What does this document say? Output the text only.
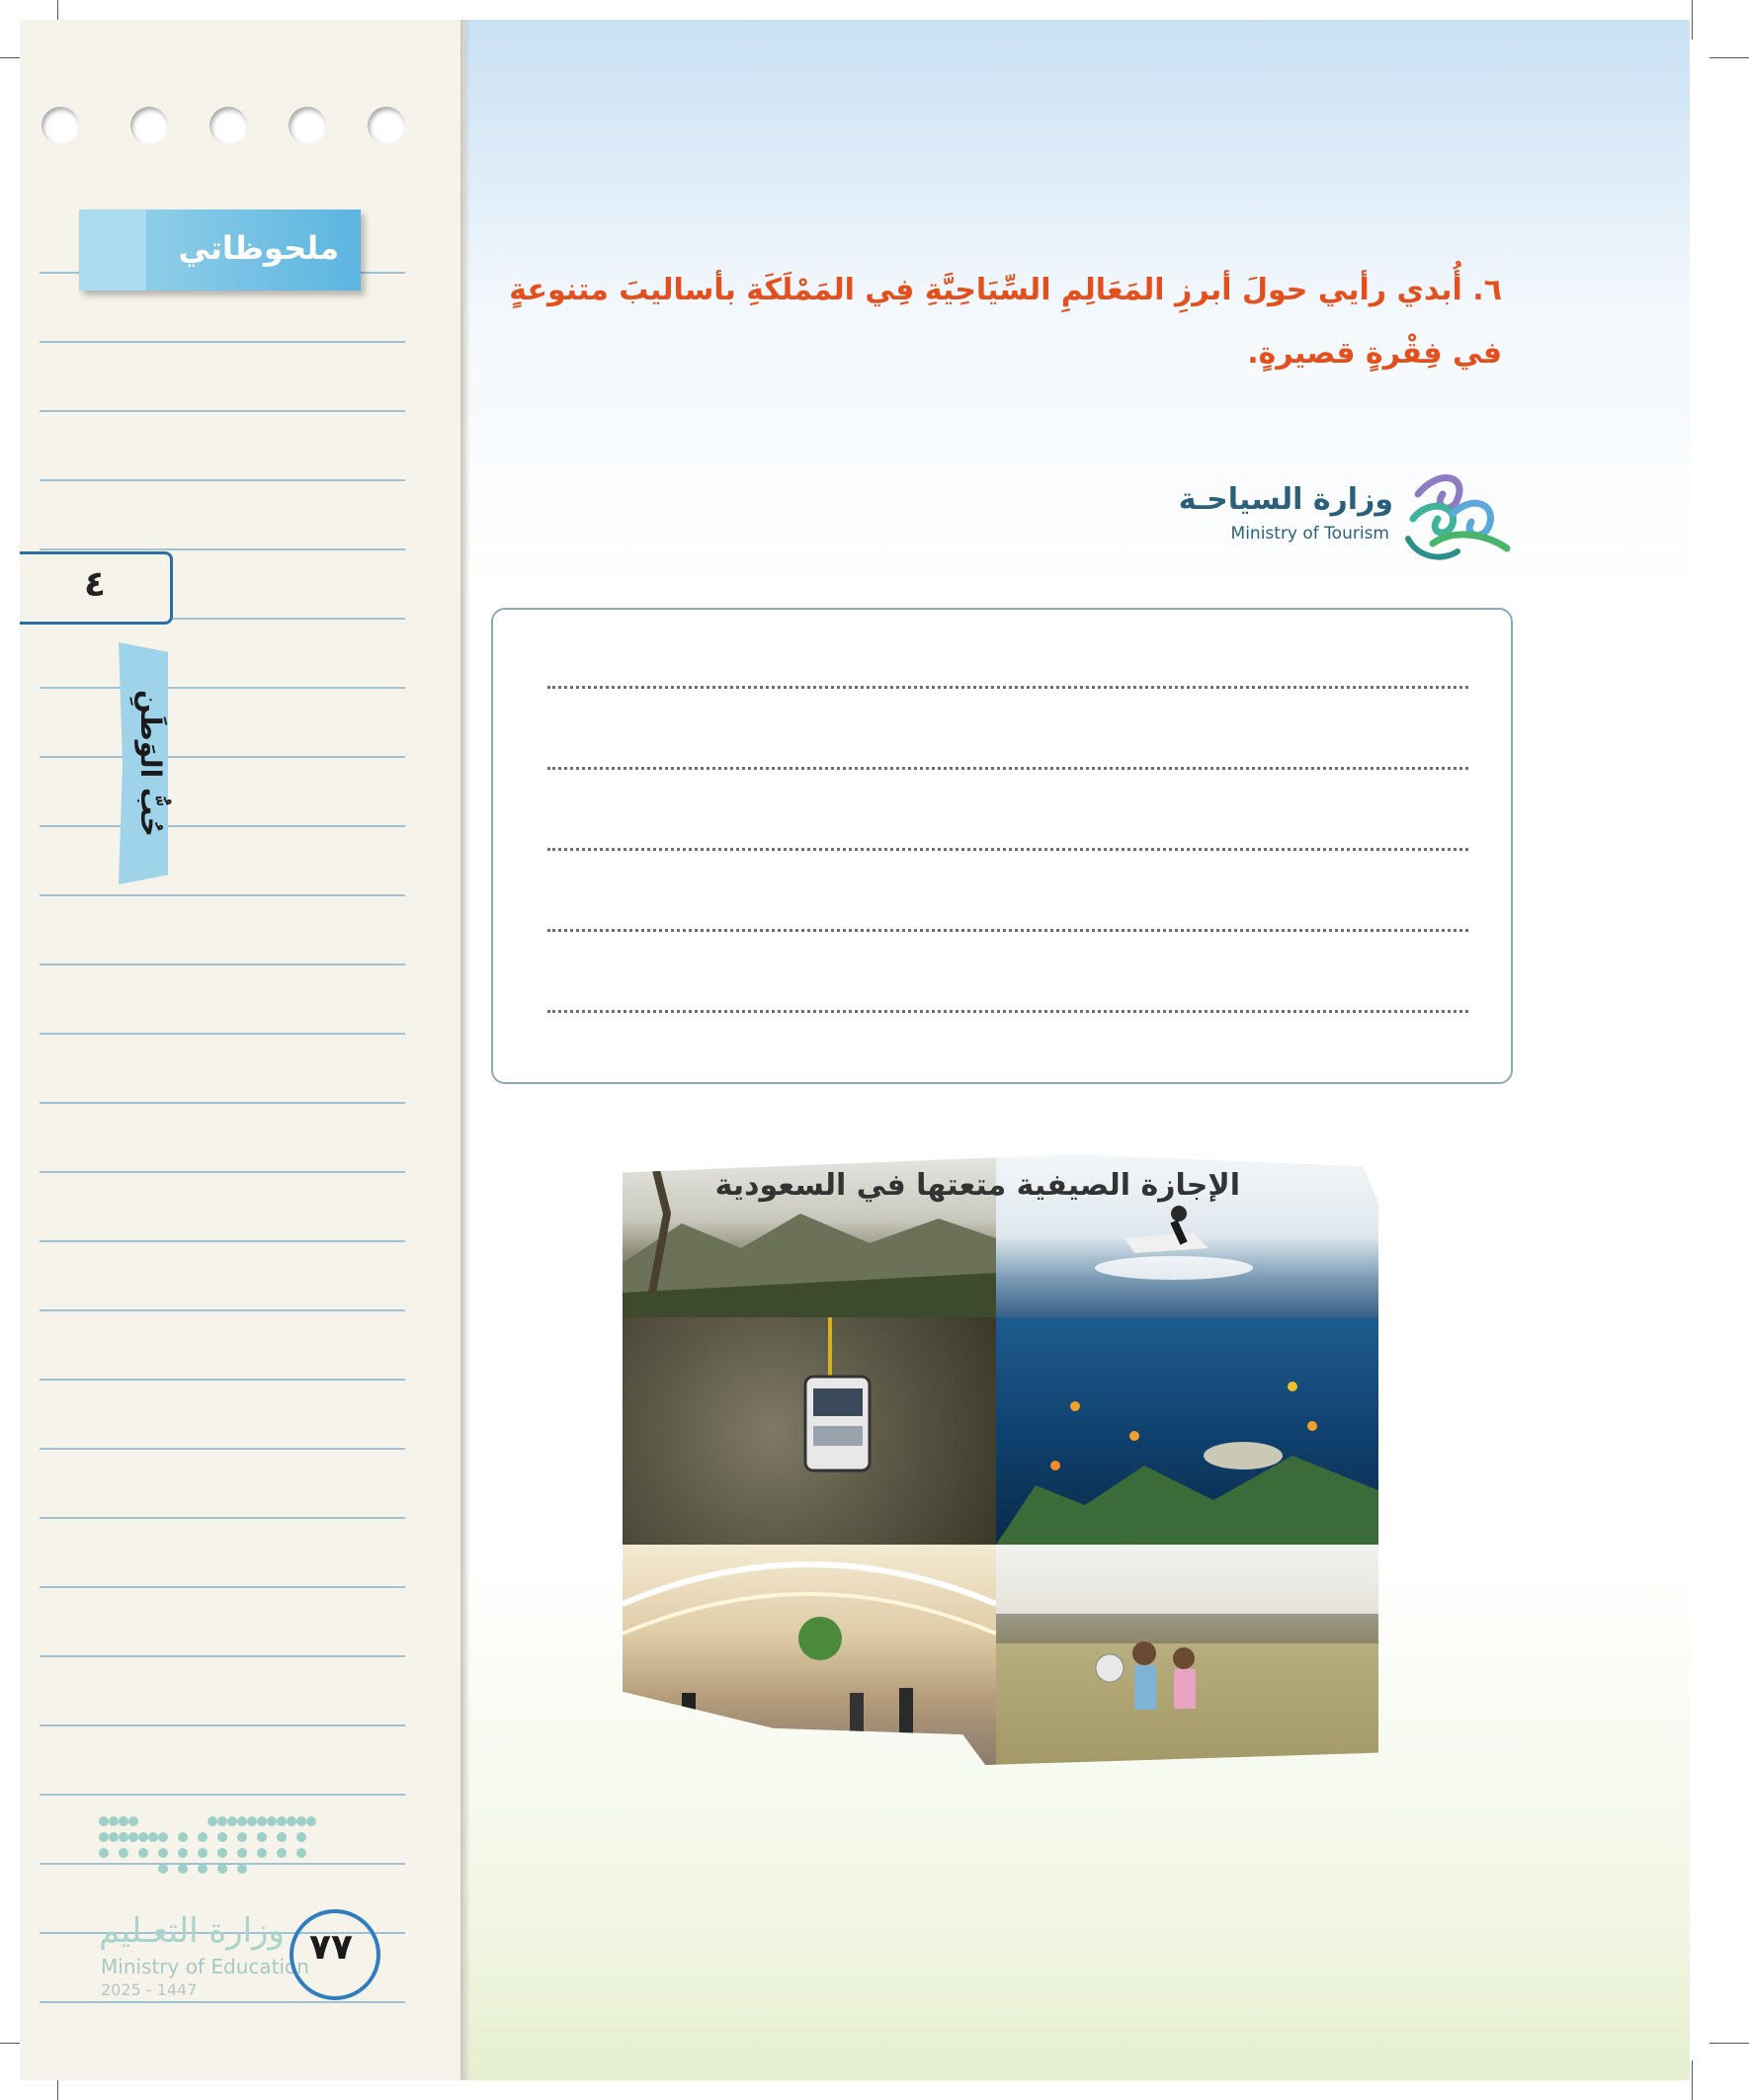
ملحوظاتي
٤
حُبُّ الوَطَنِ
٦. أُبدي رأيي حولَ أبرزِ المَعَالِمِ السِّيَاحِيَّةِ فِي المَمْلَكَةِ بأساليبَ متنوعةٍ في فِقْرةٍ قصيرةٍ.
وزارة السياحـة
Ministry of Tourism
الإجازة الصيفية متعتها في السعودية
وزارة التعـليم
Ministry of Education
2025 - 1447
٧٧
